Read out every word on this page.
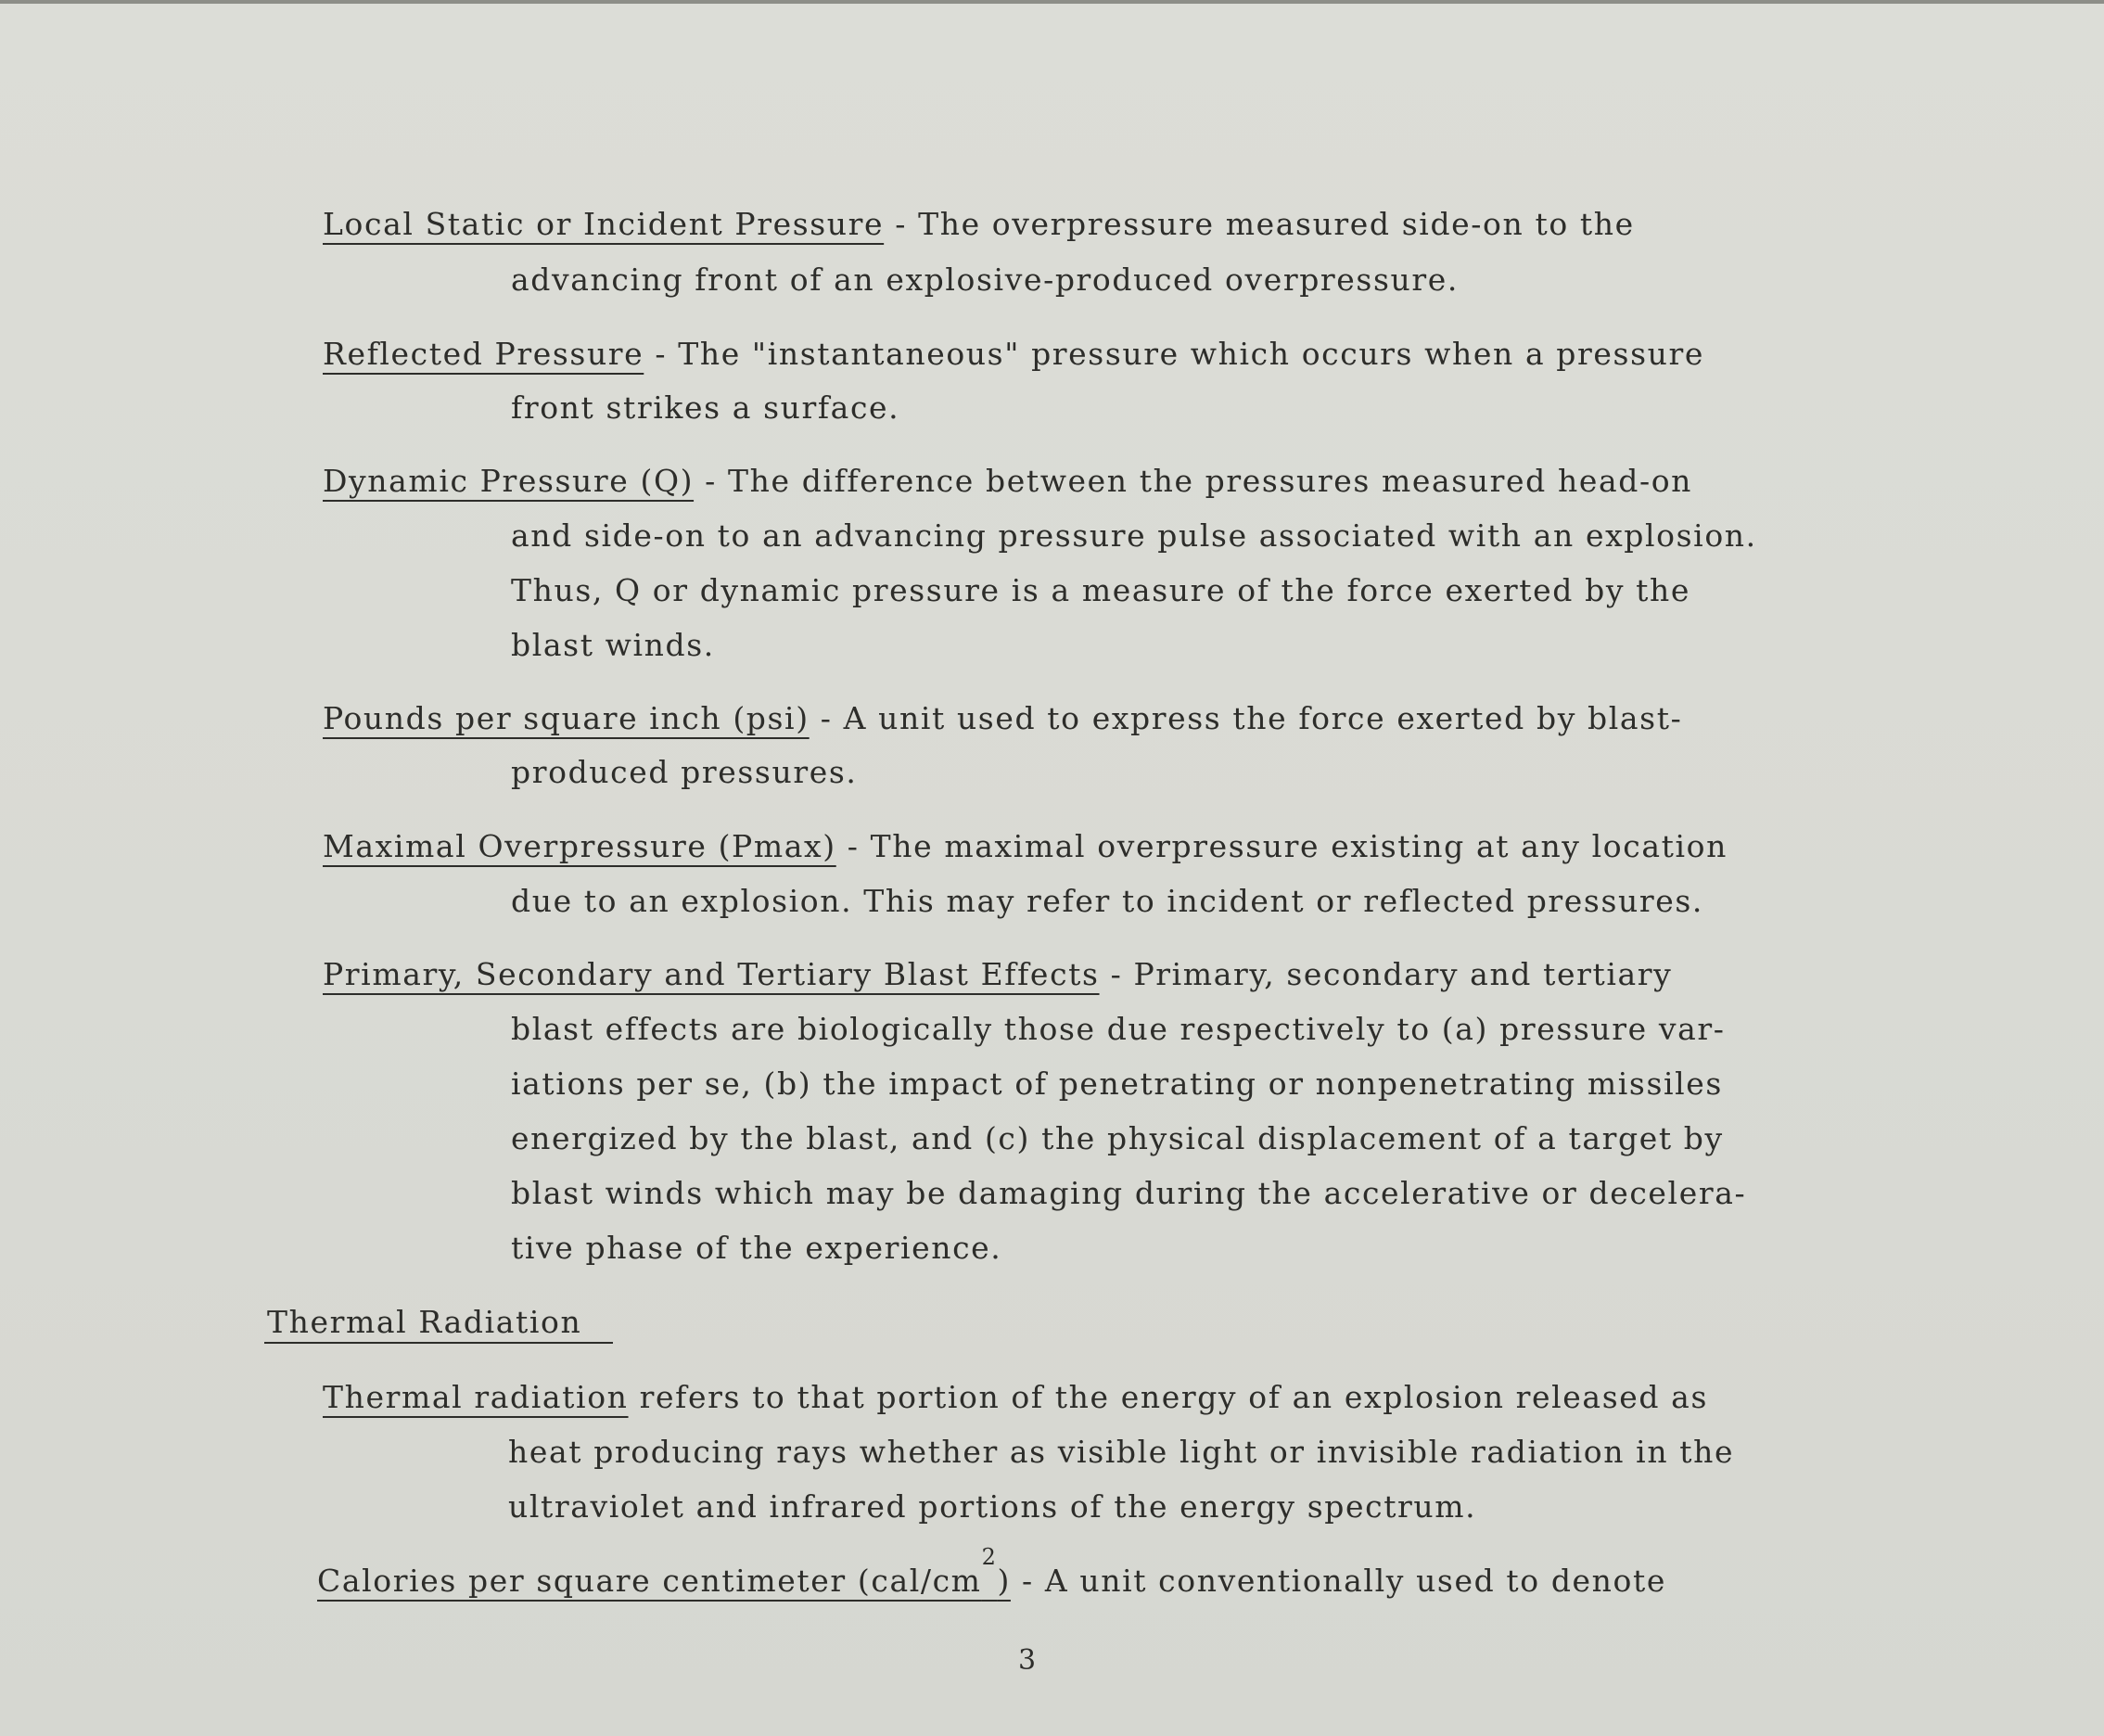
Local Static or Incident Pressure - The overpressure measured side-on to the
advancing front of an explosive-produced overpressure.
Reflected Pressure - The "instantaneous" pressure which occurs when a pressure
front strikes a surface.
Dynamic Pressure (Q) - The difference between the pressures measured head-on
and side-on to an advancing pressure pulse associated with an explosion.
Thus, Q or dynamic pressure is a measure of the force exerted by the
blast winds.
Pounds per square inch (psi) - A unit used to express the force exerted by blast-
produced pressures.
Maximal Overpressure (Pmax) - The maximal overpressure existing at any location
due to an explosion. This may refer to incident or reflected pressures.
Primary, Secondary and Tertiary Blast Effects - Primary, secondary and tertiary
blast effects are biologically those due respectively to (a) pressure var-
iations per se, (b) the impact of penetrating or nonpenetrating missiles
energized by the blast, and (c) the physical displacement of a target by
blast winds which may be damaging during the accelerative or decelera-
tive phase of the experience.
Thermal Radiation
Thermal radiation refers to that portion of the energy of an explosion released as
heat producing rays whether as visible light or invisible radiation in the
ultraviolet and infrared portions of the energy spectrum.
Calories per square centimeter $(cal/cm^2)$ - A unit conventionally used to denote
3
